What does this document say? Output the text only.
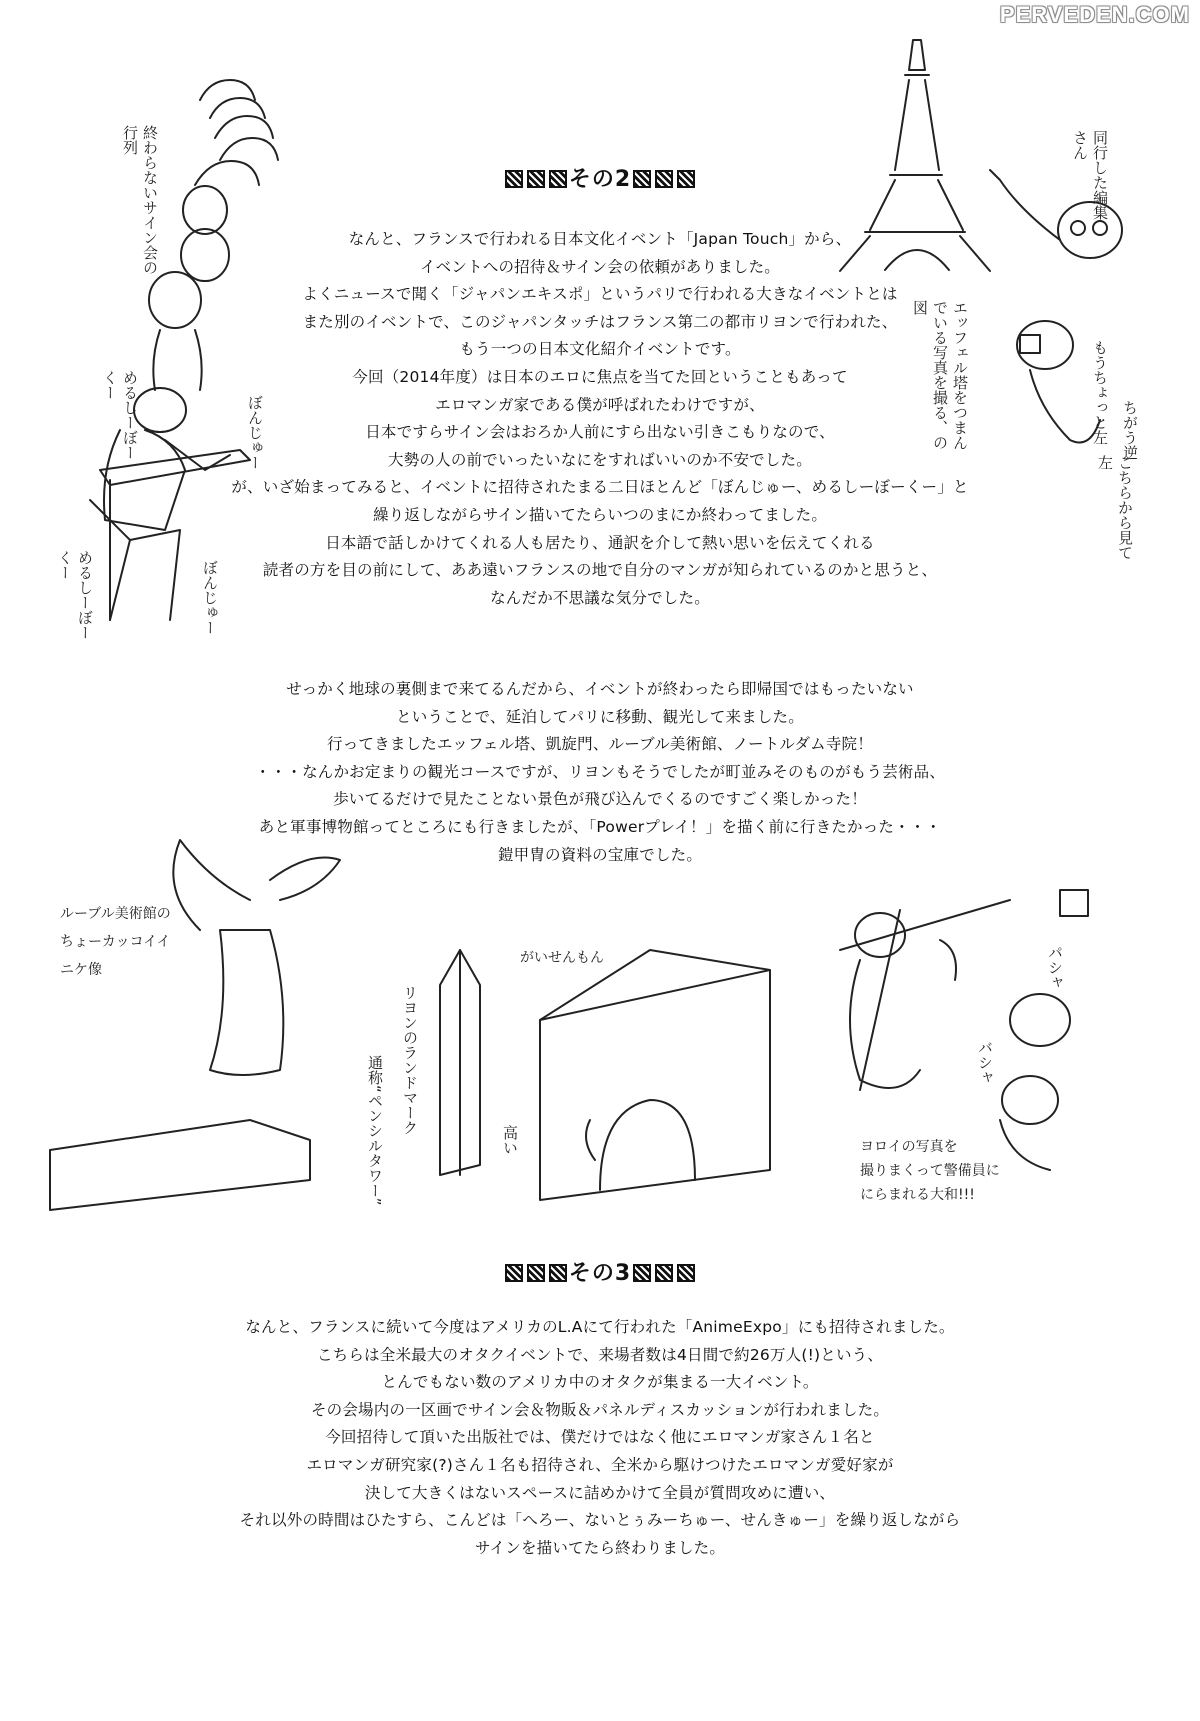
PERVEDEN.COM
その2

なんと、フランスで行われる日本文化イベント「Japan Touch」から、

イベントへの招待＆サイン会の依頼がありました。

よくニュースで聞く「ジャパンエキスポ」というパリで行われる大きなイベントとは

また別のイベントで、このジャパンタッチはフランス第二の都市リヨンで行われた、

もう一つの日本文化紹介イベントです。

今回（2014年度）は日本のエロに焦点を当てた回ということもあって

エロマンガ家である僕が呼ばれたわけですが、

日本ですらサイン会はおろか人前にすら出ない引きこもりなので、

大勢の人の前でいったいなにをすればいいのか不安でした。

が、いざ始まってみると、イベントに招待されたまる二日ほとんど「ぼんじゅー、めるしーぼーくー」と

繰り返しながらサイン描いてたらいつのまにか終わってました。

日本語で話しかけてくれる人も居たり、通訳を介して熱い思いを伝えてくれる

読者の方を目の前にして、ああ遠いフランスの地で自分のマンガが知られているのかと思うと、

なんだか不思議な気分でした。

せっかく地球の裏側まで来てるんだから、イベントが終わったら即帰国ではもったいない

ということで、延泊してパリに移動、観光して来ました。

行ってきましたエッフェル塔、凱旋門、ルーブル美術館、ノートルダム寺院！

・・・なんかお定まりの観光コースですが、リヨンもそうでしたが町並みそのものがもう芸術品、

歩いてるだけで見たことない景色が飛び込んでくるのですごく楽しかった！

あと軍事博物館ってところにも行きましたが、「Powerプレイ！」を描く前に行きたかった・・・

鎧甲冑の資料の宝庫でした。

その3

なんと、フランスに続いて今度はアメリカのL.Aにて行われた「AnimeExpo」にも招待されました。

こちらは全米最大のオタクイベントで、来場者数は4日間で約26万人(!)という、

とんでもない数のアメリカ中のオタクが集まる一大イベント。

その会場内の一区画でサイン会＆物販＆パネルディスカッションが行われました。

今回招待して頂いた出版社では、僕だけではなく他にエロマンガ家さん１名と

エロマンガ研究家(?)さん１名も招待され、全米から駆けつけたエロマンガ愛好家が

決して大きくはないスペースに詰めかけて全員が質問攻めに遭い、

それ以外の時間はひたすら、こんどは「へろー、ないとぅみーちゅー、せんきゅー」を繰り返しながら

サインを描いてたら終わりました。

終わらないサイン会の行列
ぼんじゅー
ぼんじゅー
めるしーぼーくー
めるしーぼーくー
同行した編集さん
エッフェル塔をつまんでいる写真を撮る、の図
もうちょっと左 ちがう逆
こちらから見て左
ルーブル美術館の
ちょーカッコイイ
ニケ像
がいせんもん
リヨンのランドマーク
通称“ペンシルタワー”	高い	ヨロイの写真を
撮りまくって警備員に
にらまれる大和!!!
パシャ
バシャ
